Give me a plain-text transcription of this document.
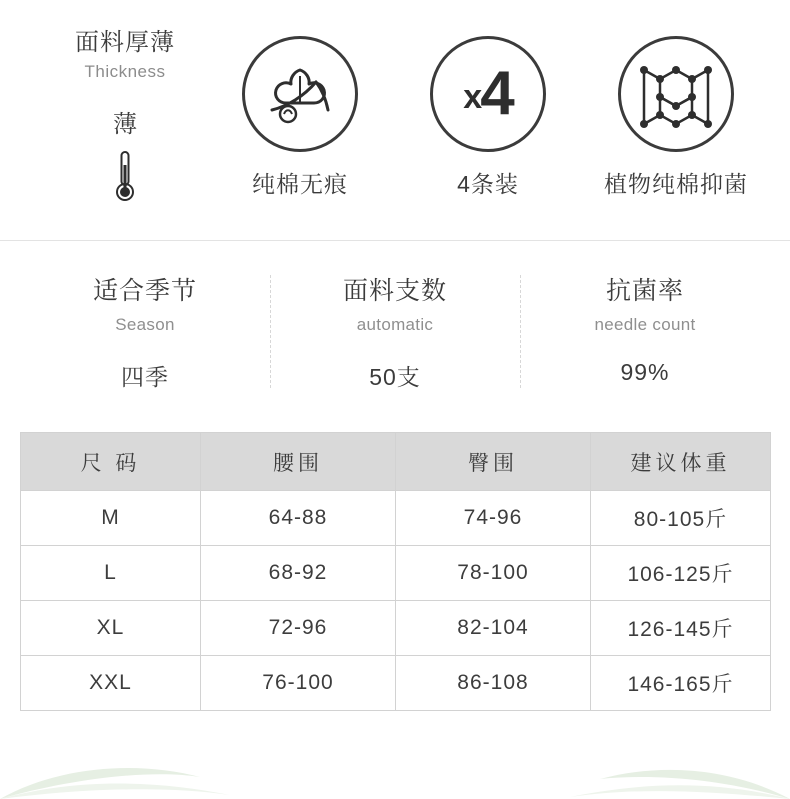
面料厚薄
Thickness
薄
纯棉无痕
x4
4条装	植物纯棉抑菌
适合季节
Season
四季
面料支数
automatic
50支
抗菌率
needle count
99%
尺 码	腰围	臀围	建议体重
M	64-88	74-96	80-105斤
L	68-92	78-100	106-125斤
XL	72-96	82-104	126-145斤
XXL	76-100	86-108	146-165斤
